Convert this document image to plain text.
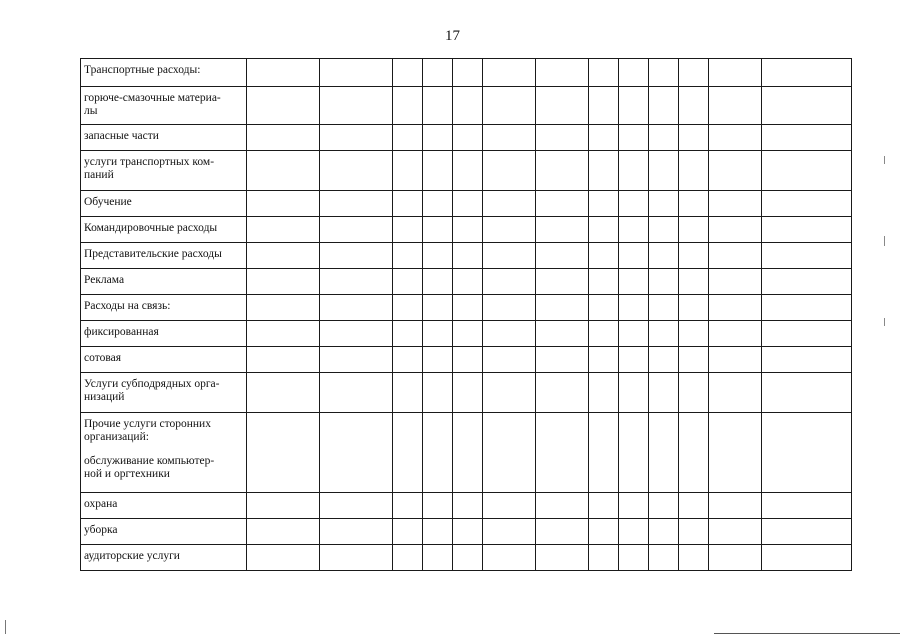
17
Транспортные расходы:													

горюче-смазочные материа-
лы													

запасные части													

услуги транспортных ком-
паний													

Обучение													

Командировочные расходы													

Представительские расходы													

Реклама													

Расходы на связь:													

фиксированная													

сотовая													

Услуги субподрядных орга-
низаций													

Прочие услуги сторонних
организаций:
обслуживание компьютер-
ной и оргтехники													

охрана													

уборка													

аудиторские услуги													
